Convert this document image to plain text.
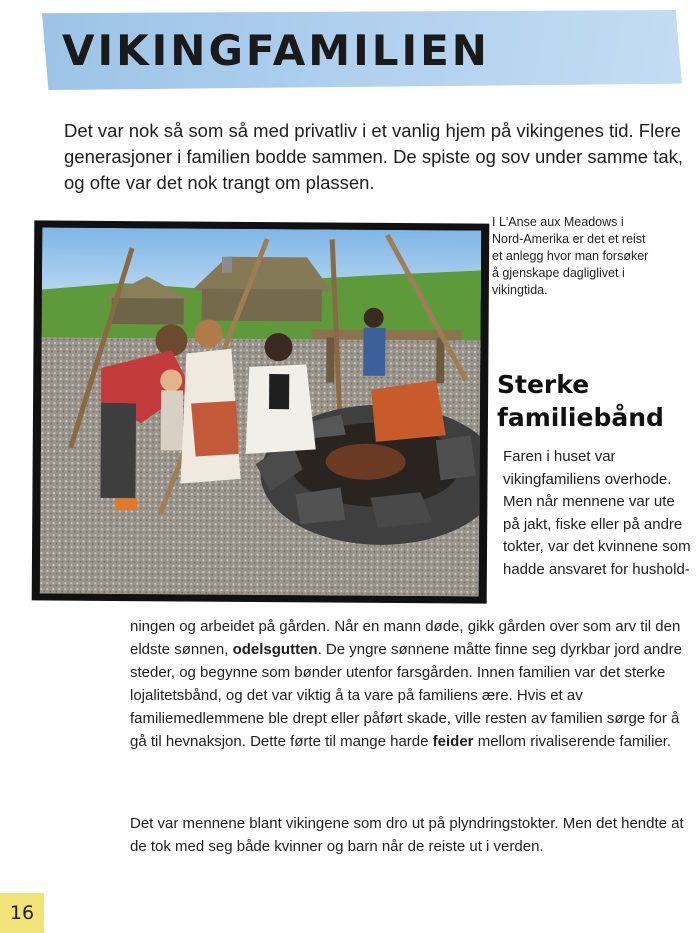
VIKINGFAMILIEN

Det var nok så som så med privatliv i et vanlig hjem på vikingenes tid. Flere generasjoner i familien bodde sammen. De spiste og sov under samme tak, og ofte var det nok trangt om plassen.

I L'Anse aux Meadows i Nord-Amerika er det et reist et anlegg hvor man forsøker å gjenskape dagliglivet i vikingtida.

Sterke familiebånd

Faren i huset var vikingfamiliens overhode. Men når mennene var ute på jakt, fiske eller på andre tokter, var det kvinnene som hadde ansvaret for hushold-

ningen og arbeidet på gården. Når en mann døde, gikk gården over som arv til den eldste sønnen, odelsgutten. De yngre sønnene måtte finne seg dyrkbar jord andre steder, og begynne som bønder utenfor farsgården. Innen familien var det sterke lojalitetsbånd, og det var viktig å ta vare på familiens ære. Hvis et av familiemedlemmene ble drept eller påført skade, ville resten av familien sørge for å gå til hevnaksjon. Dette førte til mange harde feider mellom rivaliserende familier.

Det var mennene blant vikingene som dro ut på plyndringstokter. Men det hendte at de tok med seg både kvinner og barn når de reiste ut i verden.

16
